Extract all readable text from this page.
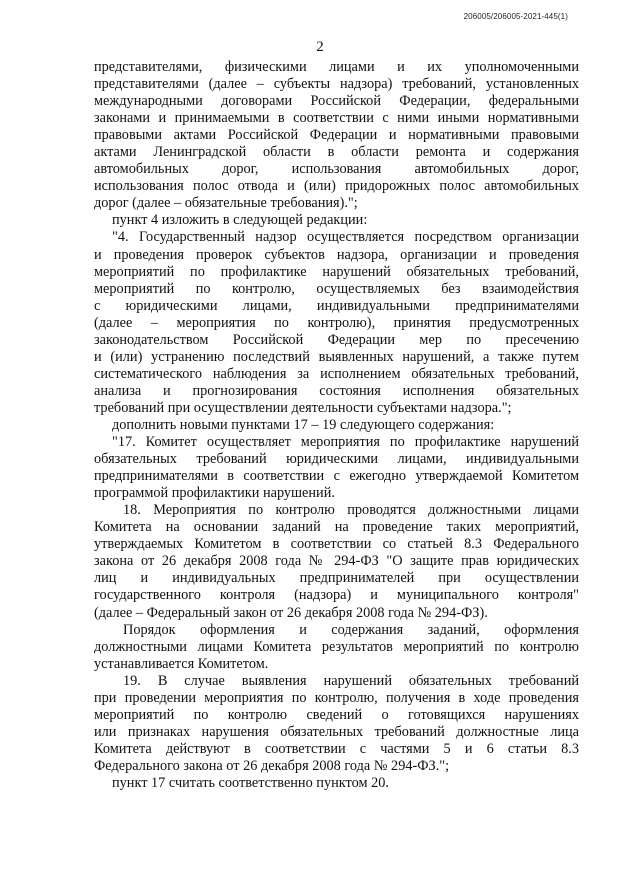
206005/206005-2021-445(1)
2
представителями, физическими лицами и их уполномоченными
представителями (далее – субъекты надзора) требований, установленных
международными договорами Российской Федерации, федеральными
законами и принимаемыми в соответствии с ними иными нормативными
правовыми актами Российской Федерации и нормативными правовыми
актами Ленинградской области в области ремонта и содержания
автомобильных дорог, использования автомобильных дорог,
использования полос отвода и (или) придорожных полос автомобильных
дорог (далее – обязательные требования).";
пункт 4 изложить в следующей редакции:
"4. Государственный надзор осуществляется посредством организации
и проведения проверок субъектов надзора, организации и проведения
мероприятий по профилактике нарушений обязательных требований,
мероприятий по контролю, осуществляемых без взаимодействия
с юридическими лицами, индивидуальными предпринимателями
(далее – мероприятия по контролю), принятия предусмотренных
законодательством Российской Федерации мер по пресечению
и (или) устранению последствий выявленных нарушений, а также путем
систематического наблюдения за исполнением обязательных требований,
анализа и прогнозирования состояния исполнения обязательных
требований при осуществлении деятельности субъектами надзора.";
дополнить новыми пунктами 17 – 19 следующего содержания:
"17. Комитет осуществляет мероприятия по профилактике нарушений
обязательных требований юридическими лицами, индивидуальными
предпринимателями в соответствии с ежегодно утверждаемой Комитетом
программой профилактики нарушений.
18. Мероприятия по контролю проводятся должностными лицами
Комитета на основании заданий на проведение таких мероприятий,
утверждаемых Комитетом в соответствии со статьей 8.3 Федерального
закона от 26 декабря 2008 года № 294-ФЗ "О защите прав юридических
лиц и индивидуальных предпринимателей при осуществлении
государственного контроля (надзора) и муниципального контроля"
(далее – Федеральный закон от 26 декабря 2008 года № 294-ФЗ).
Порядок оформления и содержания заданий, оформления
должностными лицами Комитета результатов мероприятий по контролю
устанавливается Комитетом.
19. В случае выявления нарушений обязательных требований
при проведении мероприятия по контролю, получения в ходе проведения
мероприятий по контролю сведений о готовящихся нарушениях
или признаках нарушения обязательных требований должностные лица
Комитета действуют в соответствии с частями 5 и 6 статьи 8.3
Федерального закона от 26 декабря 2008 года № 294-ФЗ.";
пункт 17 считать соответственно пунктом 20.
